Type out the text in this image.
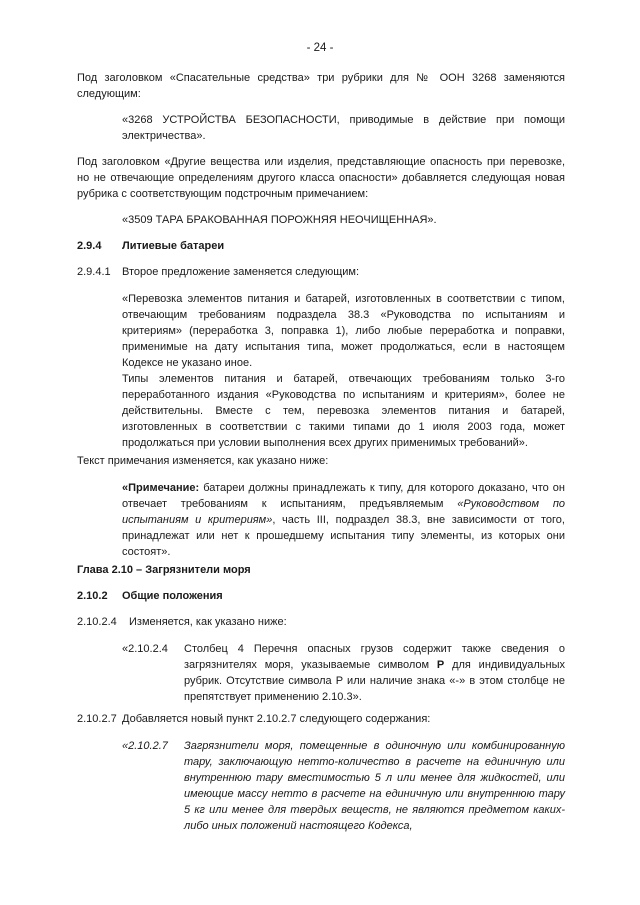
- 24 -

Под заголовком «Спасательные средства» три рубрики для № ООН 3268 заменяются следующим:

«3268 УСТРОЙСТВА БЕЗОПАСНОСТИ, приводимые в действие при помощи электричества».

Под заголовком «Другие вещества или изделия, представляющие опасность при перевозке, но не отвечающие определениям другого класса опасности» добавляется следующая новая рубрика с соответствующим подстрочным примечанием:

«3509 ТАРА БРАКОВАННАЯ ПОРОЖНЯЯ НЕОЧИЩЕННАЯ».

2.9.4 Литиевые батареи
2.9.4.1 Второе предложение заменяется следующим:

«Перевозка элементов питания и батарей, изготовленных в соответствии с типом, отвечающим требованиям подраздела 38.3 «Руководства по испытаниям и критериям» (переработка 3, поправка 1), либо любые переработка и поправки, применимые на дату испытания типа, может продолжаться, если в настоящем Кодексе не указано иное.

Типы элементов питания и батарей, отвечающих требованиям только 3-го переработанного издания «Руководства по испытаниям и критериям», более не действительны. Вместе с тем, перевозка элементов питания и батарей, изготовленных в соответствии с такими типами до 1 июля 2003 года, может продолжаться при условии выполнения всех других применимых требований».

Текст примечания изменяется, как указано ниже:

«Примечание: батареи должны принадлежать к типу, для которого доказано, что он отвечает требованиям к испытаниям, предъявляемым «Руководством по испытаниям и критериям», часть III, подраздел 38.3, вне зависимости от того, принадлежат или нет к прошедшему испытания типу элементы, из которых они состоят».

Глава 2.10 – Загрязнители моря
2.10.2 Общие положения
2.10.2.4 Изменяется, как указано ниже:
«2.10.2.4	Столбец 4 Перечня опасных грузов содержит также сведения о загрязнителях моря, указываемые символом P для индивидуальных рубрик. Отсутствие символа P или наличие знака «-» в этом столбце не препятствует применению 2.10.3».
2.10.2.7 Добавляется новый пункт 2.10.2.7 следующего содержания:
«2.10.2.7	Загрязнители моря, помещенные в одиночную или комбинированную тару, заключающую нетто-количество в расчете на единичную или внутреннюю тару вместимостью 5 л или менее для жидкостей, или имеющие массу нетто в расчете на единичную или внутреннюю тару 5 кг или менее для твердых веществ, не являются предметом каких-либо иных положений настоящего Кодекса,
